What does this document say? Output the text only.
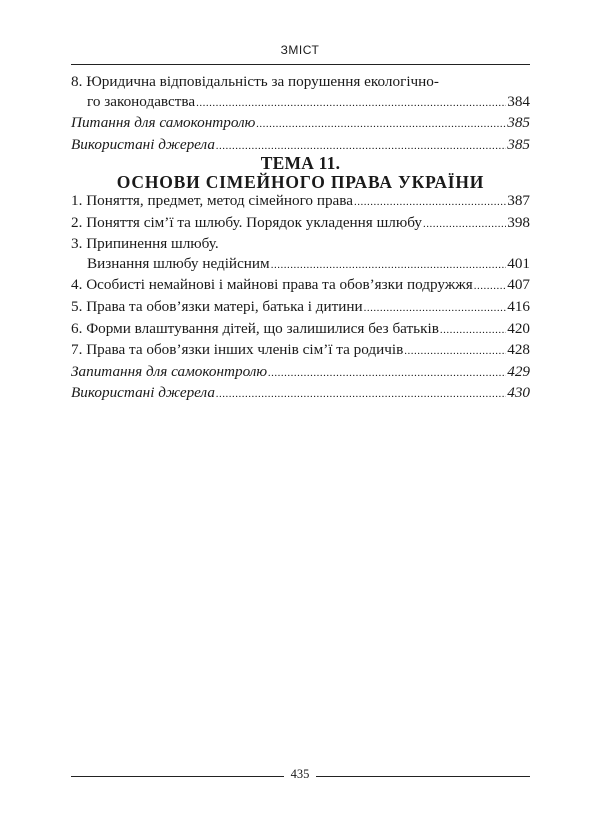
ЗМІСТ
8. Юридична відповідальність за порушення екологічно-
го законодавства .....	384
Питання для самоконтролю .....	385
Використані джерела .....	385
ТЕМА 11.
ОСНОВИ СІМЕЙНОГО ПРАВА УКРАЇНИ
1. Поняття, предмет, метод сімейного права .....	387
2. Поняття сім’ї та шлюбу. Порядок укладення шлюбу .....	398
3. Припинення шлюбу.
Визнання шлюбу недійсним .....	401
4. Особисті немайнові і майнові права та обов’язки подружжя ..... 407
5. Права та обов’язки матері, батька і дитини .....	416
6. Форми влаштування дітей, що залишилися без батьків .....	420
7. Права та обов’язки інших членів сім’ї та родичів .....	428
Запитання для самоконтролю .....	429
Використані джерела .....	430
435
